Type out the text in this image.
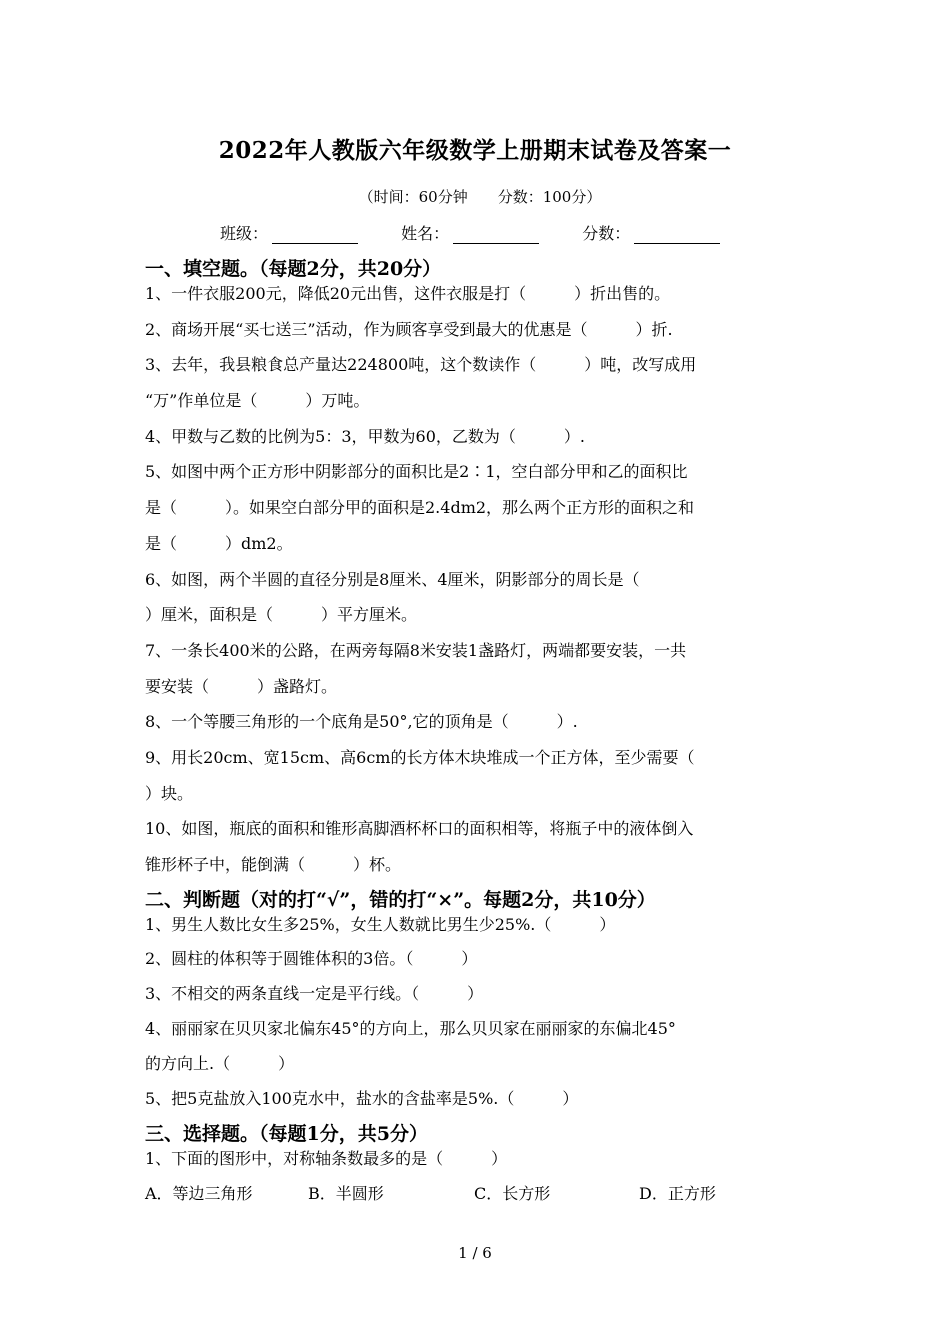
2022年人教版六年级数学上册期末试卷及答案一
（时间：60分钟 分数：100分）
班级：	姓名：	分数：
一、填空题。（每题2分，共20分）
1、一件衣服200元，降低20元出售，这件衣服是打（　　　）折出售的。
2、商场开展“买七送三”活动，作为顾客享受到最大的优惠是（　　　）折.
3、去年，我县粮食总产量达224800吨，这个数读作（　　　）吨，改写成用
“万”作单位是（　　　）万吨。
4、甲数与乙数的比例为5：3，甲数为60，乙数为（　　　）.
5、如图中两个正方形中阴影部分的面积比是2∶1，空白部分甲和乙的面积比
是（　　　）。如果空白部分甲的面积是2.4dm2，那么两个正方形的面积之和
是（　　　）dm2。
6、如图，两个半圆的直径分别是8厘米、4厘米，阴影部分的周长是（
）厘米，面积是（　　　）平方厘米。
7、一条长400米的公路，在两旁每隔8米安装1盏路灯，两端都要安装，一共
要安装（　　　）盏路灯。
8、一个等腰三角形的一个底角是50°,它的顶角是（　　　）.
9、用长20cm、宽15cm、高6cm的长方体木块堆成一个正方体，至少需要（
）块。
10、如图，瓶底的面积和锥形高脚酒杯杯口的面积相等，将瓶子中的液体倒入
锥形杯子中，能倒满（　　　）杯。
二、判断题（对的打“√”，错的打“×”。每题2分，共10分）
1、男生人数比女生多25%，女生人数就比男生少25%.（　　　）
2、圆柱的体积等于圆锥体积的3倍。（　　　）
3、不相交的两条直线一定是平行线。（　　　）
4、丽丽家在贝贝家北偏东45°的方向上，那么贝贝家在丽丽家的东偏北45°
的方向上.（　　　）
5、把5克盐放入100克水中，盐水的含盐率是5%.（　　　）
三、选择题。（每题1分，共5分）
1、下面的图形中，对称轴条数最多的是（　　　）
A．等边三角形	B．半圆形	C．长方形	D．正方形
1 / 6
